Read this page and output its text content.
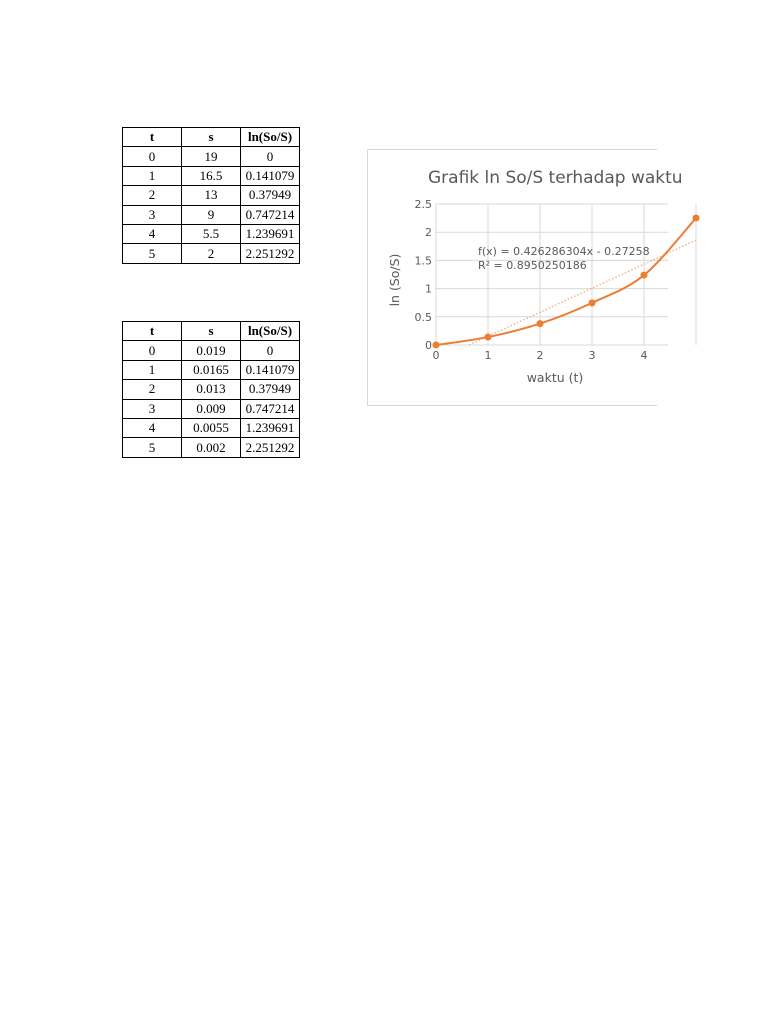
t	s	ln(So/S)
0	19	0
1	16.5	0.141079
2	13	0.37949
3	9	0.747214
4	5.5	1.239691
5	2	2.251292
t	s	ln(So/S)
0	0.019	0
1	0.0165	0.141079
2	0.013	0.37949
3	0.009	0.747214
4	0.0055	1.239691
5	0.002	2.251292
0
0.5
1
1.5
2
2.5
0	1	2	3	4
Grafik ln So/S terhadap waktu
f(x) = 0.426286304x - 0.27258
R² = 0.8950250186
waktu (t)
ln (So/S)
